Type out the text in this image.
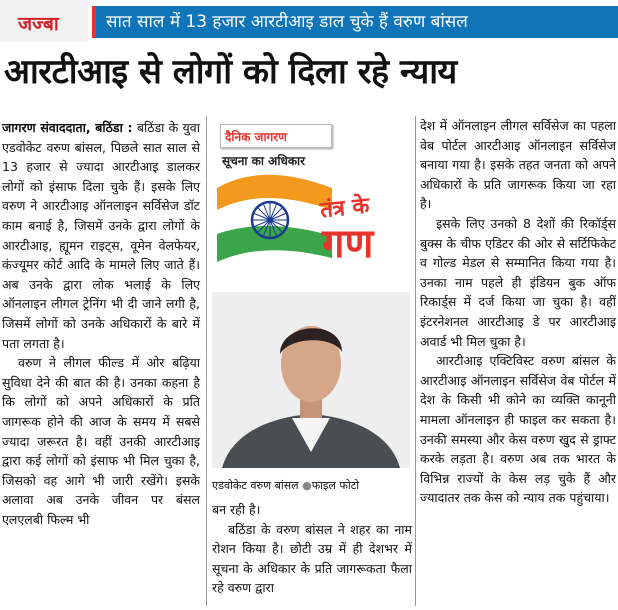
जज्बा	सात साल में 13 हजार आरटीआइ डाल चुके हैं वरुण बांसल
आरटीआइ से लोगों को दिला रहे न्याय

जागरण संवाददाता, बठिंडा : बठिंडा के युवा एडवोकेट वरुण बांसल, पिछले सात साल से 13 हजार से ज्यादा आरटीआइ डालकर लोगों को इंसाफ दिला चुके हैं। इसके लिए वरुण ने आरटीआइ ऑनलाइन सर्विसेज डॉट काम बनाई है, जिसमें उनके द्वारा लोगों के आरटीआइ, ह्यूमन राइट्स, वूमेन वेलफेयर, कंज्यूमर कोर्ट आदि के मामले लिए जाते हैं। अब उनके द्वारा लोक भलाई के लिए ऑनलाइन लीगल ट्रेनिंग भी दी जाने लगी है, जिसमें लोगों को उनके अधिकारों के बारे में पता लगता है।

वरुण ने लीगल फील्ड में ओर बढ़िया सुविधा देने की बात की है। उनका कहना है कि लोगों को अपने अधिकारों के प्रति जागरूक होने की आज के समय में सबसे ज्यादा जरूरत है। वहीं उनकी आरटीआइ द्वारा कई लोगों को इंसाफ भी मिल चुका है, जिसको वह आगे भी जारी रखेंगे। इसके अलावा अब उनके जीवन पर बंसल एलएलबी फिल्म भी

दैनिक जागरण
सूचना का अधिकार
तंत्र के
गण
एडवोकेट वरुण बांसल ●फाइल फोटो

बन रही है।

बठिंडा के वरुण बांसल ने शहर का नाम रोशन किया है। छोटी उम्र में ही देशभर में सूचना के अधिकार के प्रति जागरूकता फैला रहे वरुण द्वारा

देश में ऑनलाइन लीगल सर्विसेज का पहला वेब पोर्टल आरटीआइ ऑनलाइन सर्विसेज बनाया गया है। इसके तहत जनता को अपने अधिकारों के प्रति जागरूक किया जा रहा है।

इसके लिए उनको 8 देशों की रिकॉर्ड्स बुक्स के चीफ एडिटर की ओर से सर्टिफिकेट व गोल्ड मेडल से सम्मानित किया गया है। उनका नाम पहले ही इंडियन बुक ऑफ रिकार्ड्स में दर्ज किया जा चुका है। वहीं इंटरनेशनल आरटीआइ डे पर आरटीआइ अवार्ड भी मिल चुका है।

आरटीआइ एक्टिविस्ट वरुण बांसल के आरटीआइ ऑनलाइन सर्विसेज वेब पोर्टल में देश के किसी भी कोने का व्यक्ति कानूनी मामला ऑनलाइन ही फाइल कर सकता है। उनकी समस्या और केस वरुण खुद से ड्राफ्ट करके लड़ता है। वरुण अब तक भारत के विभिन्न राज्यों के केस लड़ चुके हैं और ज्यादातर तक केस को न्याय तक पहुंचाया।
